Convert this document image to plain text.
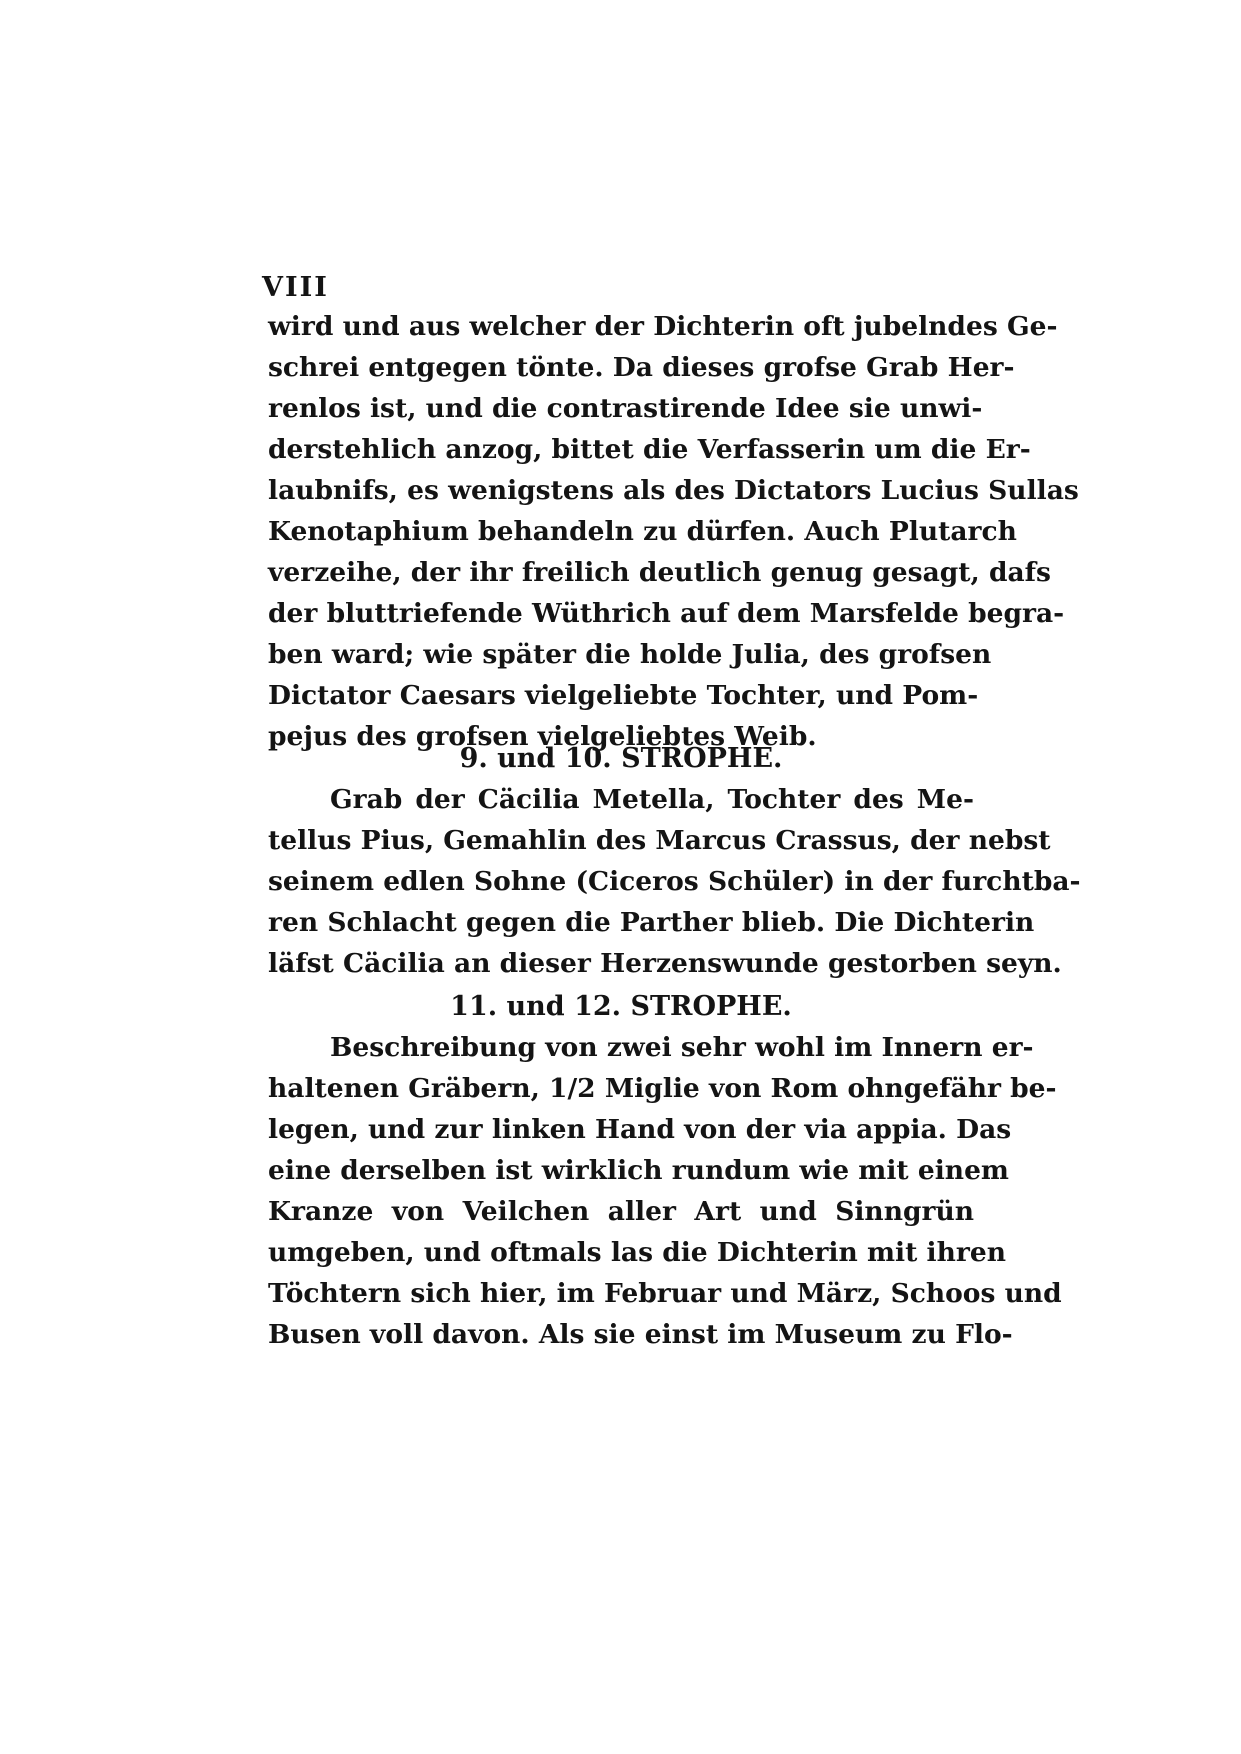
VIII
wird und aus welcher der Dichterin oft jubelndes Ge-
schrei entgegen tönte. Da dieses grofse Grab Her-
renlos ist, und die contrastirende Idee sie unwi-
derstehlich anzog, bittet die Verfasserin um die Er-
laubnifs, es wenigstens als des Dictators Lucius Sullas
Kenotaphium behandeln zu dürfen. Auch Plutarch
verzeihe, der ihr freilich deutlich genug gesagt, dafs
der bluttriefende Wüthrich auf dem Marsfelde begra-
ben ward; wie später die holde Julia, des grofsen
Dictator Caesars vielgeliebte Tochter, und Pom-
pejus des grofsen vielgeliebtes Weib.
9. und 10. STROPHE.
Grab der Cäcilia Metella, Tochter des Me-
tellus Pius, Gemahlin des Marcus Crassus, der nebst
seinem edlen Sohne (Ciceros Schüler) in der furchtba-
ren Schlacht gegen die Parther blieb. Die Dichterin
läfst Cäcilia an dieser Herzenswunde gestorben seyn.
11. und 12. STROPHE.
Beschreibung von zwei sehr wohl im Innern er-
haltenen Gräbern, 1/2 Miglie von Rom ohngefähr be-
legen, und zur linken Hand von der via appia. Das
eine derselben ist wirklich rundum wie mit einem
Kranze von Veilchen aller Art und Sinngrün
umgeben, und oftmals las die Dichterin mit ihren
Töchtern sich hier, im Februar und März, Schoos und
Busen voll davon. Als sie einst im Museum zu Flo-
